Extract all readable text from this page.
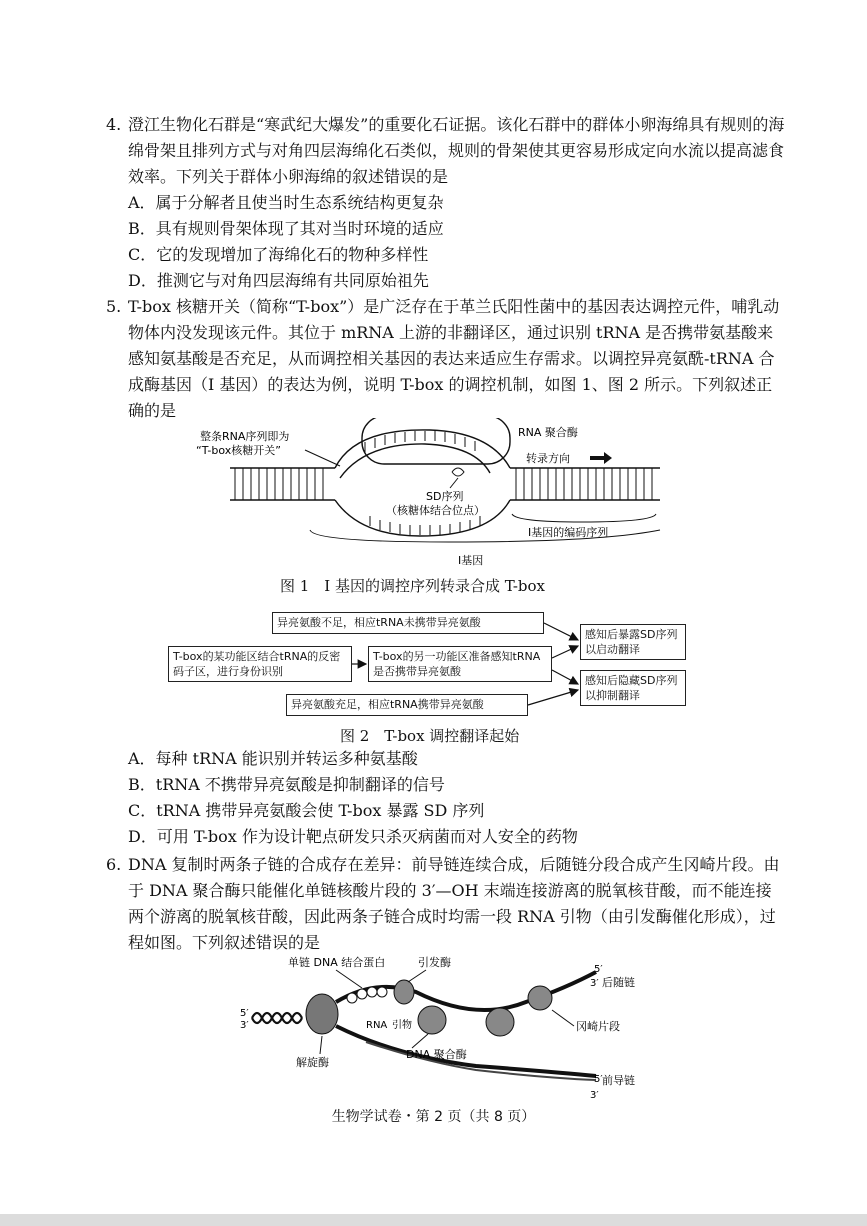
4. 澄江生物化石群是“寒武纪大爆发”的重要化石证据。该化石群中的群体小卵海绵具有规则的海绵骨架且排列方式与对角四层海绵化石类似，规则的骨架使其更容易形成定向水流以提高滤食效率。下列关于群体小卵海绵的叙述错误的是

A．属于分解者且使当时生态系统结构更复杂

B．具有规则骨架体现了其对当时环境的适应

C．它的发现增加了海绵化石的物种多样性

D．推测它与对角四层海绵有共同原始祖先

5. T-box 核糖开关（简称“T-box”）是广泛存在于革兰氏阳性菌中的基因表达调控元件，哺乳动物体内没发现该元件。其位于 mRNA 上游的非翻译区，通过识别 tRNA 是否携带氨基酸来感知氨基酸是否充足，从而调控相关基因的表达来适应生存需求。以调控异亮氨酰-tRNA 合成酶基因（I 基因）的表达为例，说明 T-box 的调控机制，如图 1、图 2 所示。下列叙述正确的是

整条RNA序列即为
“T-box核糖开关”
RNA 聚合酶
转录方向
SD序列
（核糖体结合位点）
I基因的编码序列
I基因
图 1　I 基因的调控序列转录合成 T-box
异亮氨酸不足，相应tRNA未携带异亮氨酸
T-box的某功能区结合tRNA的反密码子区，进行身份识别
T-box的另一功能区准备感知tRNA是否携带异亮氨酸
异亮氨酸充足，相应tRNA携带异亮氨酸
感知后暴露SD序列以启动翻译
感知后隐藏SD序列以抑制翻译
图 2　T-box 调控翻译起始

A．每种 tRNA 能识别并转运多种氨基酸

B．tRNA 不携带异亮氨酸是抑制翻译的信号

C．tRNA 携带异亮氨酸会使 T-box 暴露 SD 序列

D．可用 T-box 作为设计靶点研发只杀灭病菌而对人安全的药物

6. DNA 复制时两条子链的合成存在差异：前导链连续合成，后随链分段合成产生冈崎片段。由于 DNA 聚合酶只能催化单链核酸片段的 3′—OH 末端连接游离的脱氧核苷酸，而不能连接两个游离的脱氧核苷酸，因此两条子链合成时均需一段 RNA 引物（由引发酶催化形成），过程如图。下列叙述错误的是

单链 DNA 结合蛋白	引发酶
5′
3′ 后随链
5′
3′	RNA 引物	冈崎片段
解旋酶
DNA 聚合酶
5′
3′
前导链
生物学试卷・第 2 页（共 8 页）
